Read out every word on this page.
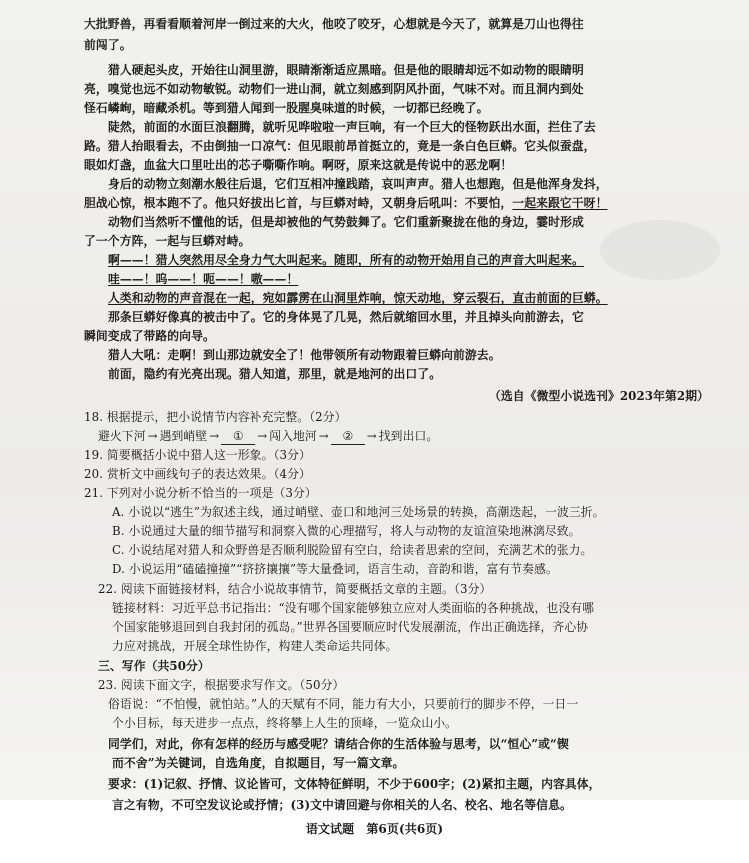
大批野兽，再看看顺着河岸一倒过来的大火，他咬了咬牙，心想就是今天了，就算是刀山也得往
前闯了。
猎人硬起头皮，开始往山洞里游，眼睛渐渐适应黑暗。但是他的眼睛却远不如动物的眼睛明
亮，嗅觉也远不如动物敏锐。动物们一进山洞，就立刻感到阴风扑面，气味不对。而且洞内到处
怪石嶙峋，暗藏杀机。等到猎人闻到一股腥臭味道的时候，一切都已经晚了。
陡然，前面的水面巨浪翻腾，就听见哗啦啦一声巨响，有一个巨大的怪物跃出水面，拦住了去
路。猎人抬眼看去，不由倒抽一口凉气：但见眼前昂首挺立的，竟是一条白色巨蟒。它头似蚕盘，
眼如灯盏，血盆大口里吐出的芯子嘶嘶作响。啊呀，原来这就是传说中的恶龙啊！
身后的动物立刻潮水般往后退，它们互相冲撞践踏，哀叫声声。猎人也想跑，但是他浑身发抖，
胆战心惊，根本跑不了。他只好拔出匕首，与巨蟒对峙，又朝身后吼叫：不要怕，一起来跟它干呀！
动物们当然听不懂他的话，但是却被他的气势鼓舞了。它们重新聚拢在他的身边，霎时形成
了一个方阵，一起与巨蟒对峙。
啊——！猎人突然用尽全身力气大叫起来。随即，所有的动物开始用自己的声音大叫起来。
哇——！呜——！呃——！嗷——！
人类和动物的声音混在一起，宛如霹雳在山洞里炸响，惊天动地，穿云裂石，直击前面的巨蟒。
那条巨蟒好像真的被击中了。它的身体晃了几晃，然后就缩回水里，并且掉头向前游去，它
瞬间变成了带路的向导。
猎人大吼：走啊！到山那边就安全了！他带领所有动物跟着巨蟒向前游去。
前面，隐约有光亮出现。猎人知道，那里，就是地河的出口了。
（选自《微型小说选刊》2023年第2期）
18. 根据提示，把小说情节内容补充完整。（2分）
避火下河 → 遇到峭壁 → ① → 闯入地河 → ② → 找到出口。
19. 简要概括小说中猎人这一形象。（3分）
20. 赏析文中画线句子的表达效果。（4分）
21. 下列对小说分析不恰当的一项是（3分）
A. 小说以“逃生”为叙述主线，通过峭壁、壶口和地河三处场景的转换，高潮迭起，一波三折。
B. 小说通过大量的细节描写和洞察入微的心理描写，将人与动物的友谊渲染地淋漓尽致。
C. 小说结尾对猎人和众野兽是否顺利脱险留有空白，给读者思索的空间，充满艺术的张力。
D. 小说运用“磕磕撞撞”“挤挤攘攘”等大量叠词，语言生动，音韵和谐，富有节奏感。
22. 阅读下面链接材料，结合小说故事情节，简要概括文章的主题。（3分）
链接材料：习近平总书记指出：“没有哪个国家能够独立应对人类面临的各种挑战，也没有哪
个国家能够退回到自我封闭的孤岛。”世界各国要顺应时代发展潮流，作出正确选择，齐心协
力应对挑战，开展全球性协作，构建人类命运共同体。
三、写作（共50分）
23. 阅读下面文字，根据要求写作文。（50分）
俗语说：“不怕慢，就怕站。”人的天赋有不同，能力有大小，只要前行的脚步不停，一日一
个小目标，每天进步一点点，终将攀上人生的顶峰，一览众山小。
同学们，对此，你有怎样的经历与感受呢？请结合你的生活体验与思考，以“恒心”或“锲
而不舍”为关键词，自选角度，自拟题目，写一篇文章。
要求：(1)记叙、抒情、议论皆可，文体特征鲜明，不少于600字；(2)紧扣主题，内容具体，
言之有物，不可空发议论或抒情；(3)文中请回避与你相关的人名、校名、地名等信息。
语文试题　第6页(共6页)
